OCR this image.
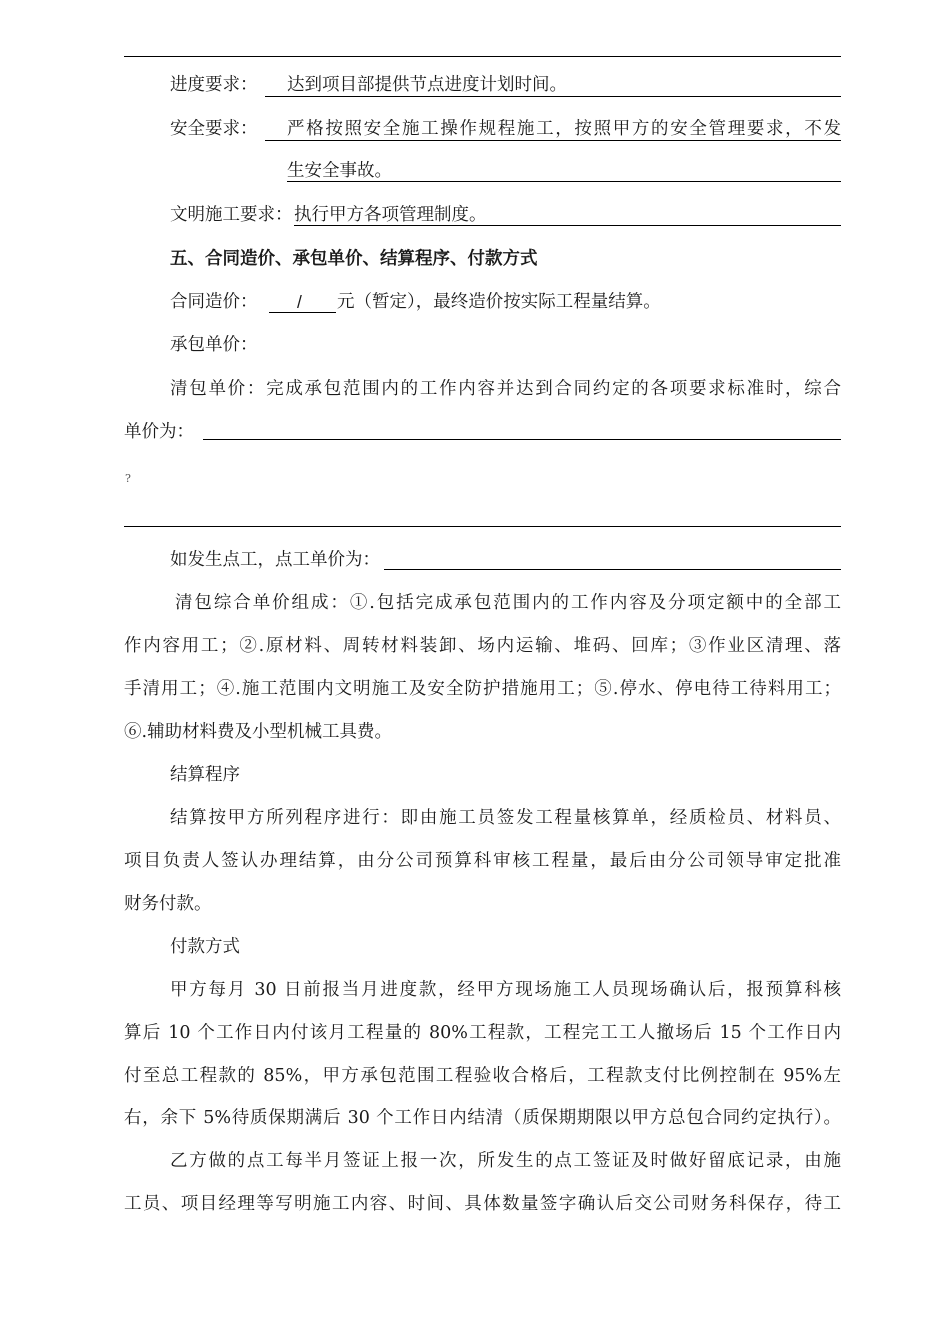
进度要求： 达到项目部提供节点进度计划时间。
安全要求： 严格按照安全施工操作规程施工，按照甲方的安全管理要求，不发
生安全事故。
文明施工要求： 执行甲方各项管理制度。
五、合同造价、承包单价、结算程序、付款方式
合同造价： / 元（暂定），最终造价按实际工程量结算。
承包单价：
清包单价：完成承包范围内的工作内容并达到合同约定的各项要求标准时，综合
单价为：
?
如发生点工，点工单价为：
清包综合单价组成：①.包括完成承包范围内的工作内容及分项定额中的全部工
作内容用工；②.原材料、周转材料装卸、场内运输、堆码、回库；③作业区清理、落
手清用工；④.施工范围内文明施工及安全防护措施用工；⑤.停水、停电待工待料用工；
⑥.辅助材料费及小型机械工具费。
结算程序
结算按甲方所列程序进行：即由施工员签发工程量核算单，经质检员、材料员、
项目负责人签认办理结算，由分公司预算科审核工程量，最后由分公司领导审定批准
财务付款。
付款方式
甲方每月 30 日前报当月进度款，经甲方现场施工人员现场确认后，报预算科核
算后 10 个工作日内付该月工程量的 80%工程款，工程完工工人撤场后 15 个工作日内
付至总工程款的 85%，甲方承包范围工程验收合格后，工程款支付比例控制在 95%左
右，余下 5%待质保期满后 30 个工作日内结清（质保期期限以甲方总包合同约定执行）。
乙方做的点工每半月签证上报一次，所发生的点工签证及时做好留底记录，由施
工员、项目经理等写明施工内容、时间、具体数量签字确认后交公司财务科保存，待工
